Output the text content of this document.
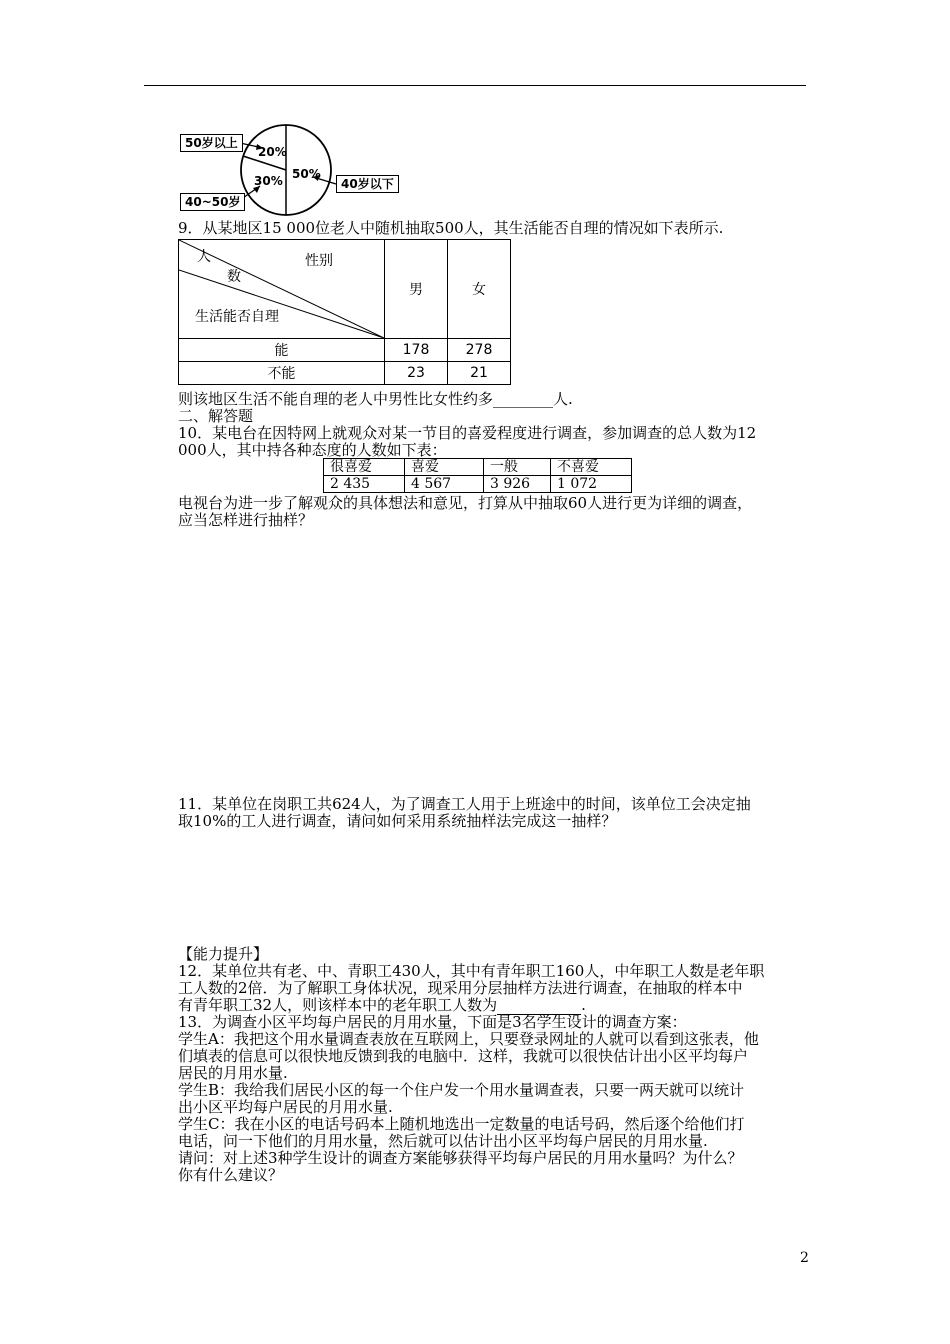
50岁以上
40~50岁
40岁以下
20%
30% 50%
9．从某地区15 000位老人中随机抽取500人，其生活能否自理的情况如下表所示.
人
数
性别
生活能否自理	男	女
能	178	278
不能	23	21
则该地区生活不能自理的老人中男性比女性约多________人.
二、解答题
10．某电台在因特网上就观众对某一节目的喜爱程度进行调查，参加调查的总人数为12
000人，其中持各种态度的人数如下表：
很喜爱	喜爱	一般	不喜爱
2 435	4 567	3 926	1 072
电视台为进一步了解观众的具体想法和意见，打算从中抽取60人进行更为详细的调查，
应当怎样进行抽样？
11．某单位在岗职工共624人，为了调查工人用于上班途中的时间，该单位工会决定抽
取10%的工人进行调查，请问如何采用系统抽样法完成这一抽样？
【能力提升】
12．某单位共有老、中、青职工430人，其中有青年职工160人，中年职工人数是老年职
工人数的2倍．为了解职工身体状况，现采用分层抽样方法进行调查，在抽取的样本中
有青年职工32人，则该样本中的老年职工人数为	.
13．为调查小区平均每户居民的月用水量，下面是3名学生设计的调查方案：
学生A：我把这个用水量调查表放在互联网上，只要登录网址的人就可以看到这张表，他
们填表的信息可以很快地反馈到我的电脑中．这样，我就可以很快估计出小区平均每户
居民的月用水量.
学生B：我给我们居民小区的每一个住户发一个用水量调查表，只要一两天就可以统计
出小区平均每户居民的月用水量.
学生C：我在小区的电话号码本上随机地选出一定数量的电话号码，然后逐个给他们打
电话，问一下他们的月用水量，然后就可以估计出小区平均每户居民的月用水量.
请问：对上述3种学生设计的调查方案能够获得平均每户居民的月用水量吗？为什么？
你有什么建议？
2
